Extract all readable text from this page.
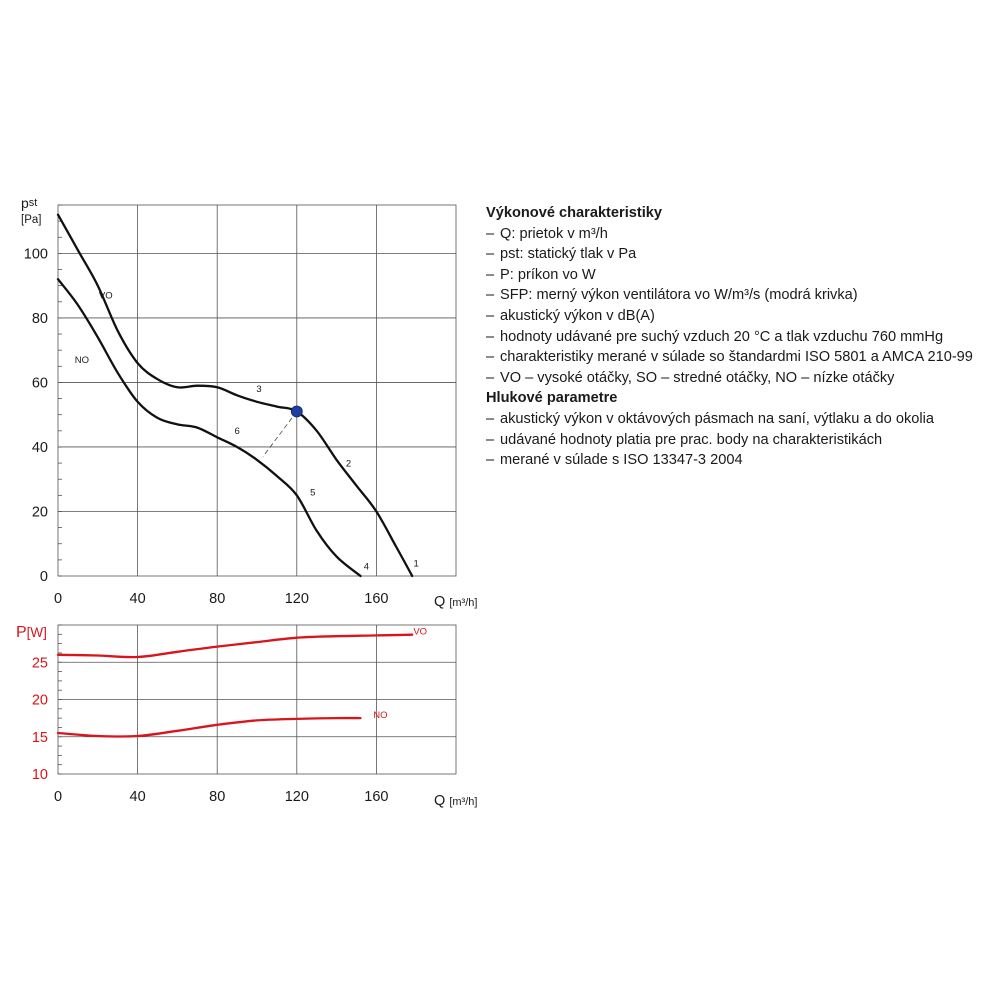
0	40	80	120	160
0
20
40
60
80
100
pst
[Pa]
Q [m³/h]
VO
NO
3
6
2
5
4	1
0	40	80	120	160
10
15
20
25
P[W]
Q [m³/h]
VO
NO
Výkonové charakteristiky
– Q: prietok v m³/h
– pst: statický tlak v Pa
– P: príkon vo W
– SFP: merný výkon ventilátora vo W/m³/s (modrá krivka)
– akustický výkon v dB(A)
– hodnoty udávané pre suchý vzduch 20 °C a tlak vzduchu 760 mmHg
– charakteristiky merané v súlade so štandardmi ISO 5801 a AMCA 210-99
– VO – vysoké otáčky, SO – stredné otáčky, NO – nízke otáčky
Hlukové parametre
– akustický výkon v oktávových pásmach na saní, výtlaku a do okolia
– udávané hodnoty platia pre prac. body na charakteristikách
– merané v súlade s ISO 13347-3 2004
